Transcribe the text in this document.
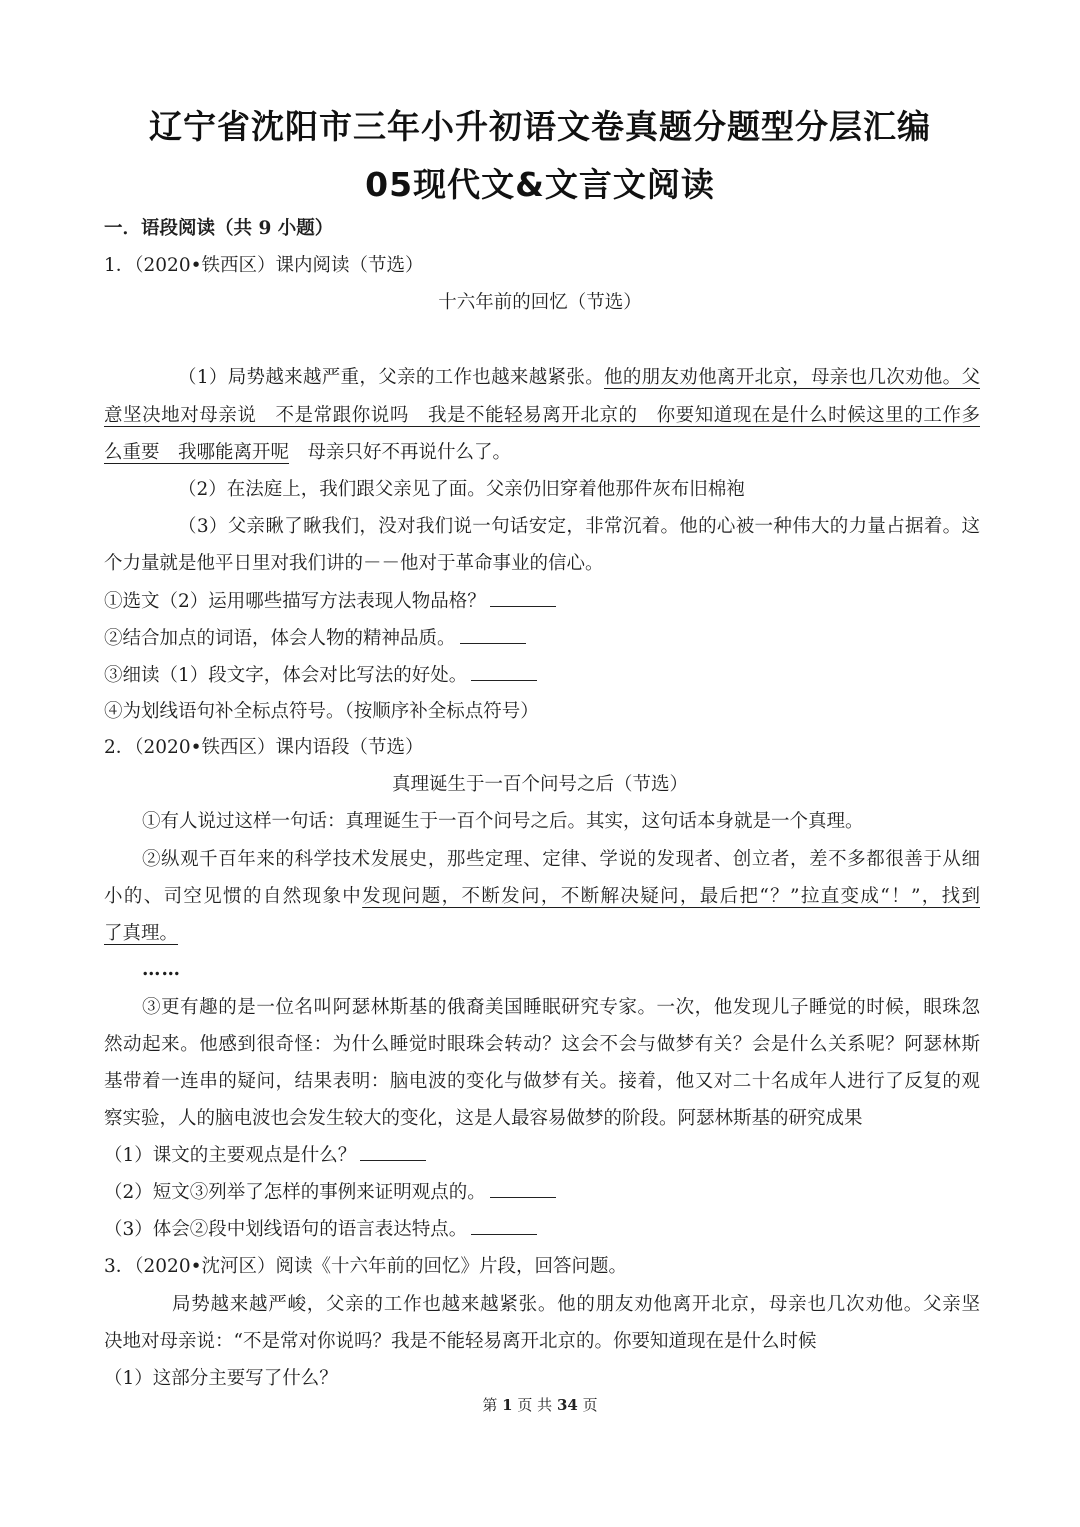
辽宁省沈阳市三年小升初语文卷真题分题型分层汇编
05现代文&文言文阅读
一．语段阅读（共 9 小题）
1．（2020•铁西区）课内阅读（节选）
十六年前的回忆（节选）
（1）局势越来越严重，父亲的工作也越来越紧张。他的朋友劝他离开北京，母亲也几次劝他。父
意坚决地对母亲说　不是常跟你说吗　我是不能轻易离开北京的　你要知道现在是什么时候这里的工作多
么重要　我哪能离开呢　母亲只好不再说什么了。
（2）在法庭上，我们跟父亲见了面。父亲仍旧穿着他那件灰布旧棉袍
（3）父亲瞅了瞅我们，没对我们说一句话安定，非常沉着。他的心被一种伟大的力量占据着。这
个力量就是他平日里对我们讲的－－他对于革命事业的信心。
①选文（2）运用哪些描写方法表现人物品格？
②结合加点的词语，体会人物的精神品质。
③细读（1）段文字，体会对比写法的好处。
④为划线语句补全标点符号。（按顺序补全标点符号）
2．（2020•铁西区）课内语段（节选）
真理诞生于一百个问号之后（节选）
①有人说过这样一句话：真理诞生于一百个问号之后。其实，这句话本身就是一个真理。
②纵观千百年来的科学技术发展史，那些定理、定律、学说的发现者、创立者，差不多都很善于从细
小的、司空见惯的自然现象中发现问题，不断发问，不断解决疑问，最后把“？”拉直变成“！”，找到
了真理。
……
③更有趣的是一位名叫阿瑟林斯基的俄裔美国睡眠研究专家。一次，他发现儿子睡觉的时候，眼珠忽
然动起来。他感到很奇怪：为什么睡觉时眼珠会转动？这会不会与做梦有关？会是什么关系呢？阿瑟林斯
基带着一连串的疑问，结果表明：脑电波的变化与做梦有关。接着，他又对二十名成年人进行了反复的观
察实验，人的脑电波也会发生较大的变化，这是人最容易做梦的阶段。阿瑟林斯基的研究成果
（1）课文的主要观点是什么？
（2）短文③列举了怎样的事例来证明观点的。
（3）体会②段中划线语句的语言表达特点。
3．（2020•沈河区）阅读《十六年前的回忆》片段，回答问题。
局势越来越严峻，父亲的工作也越来越紧张。他的朋友劝他离开北京，母亲也几次劝他。父亲坚
决地对母亲说：“不是常对你说吗？我是不能轻易离开北京的。你要知道现在是什么时候
（1）这部分主要写了什么？
第 1 页 共 34 页
